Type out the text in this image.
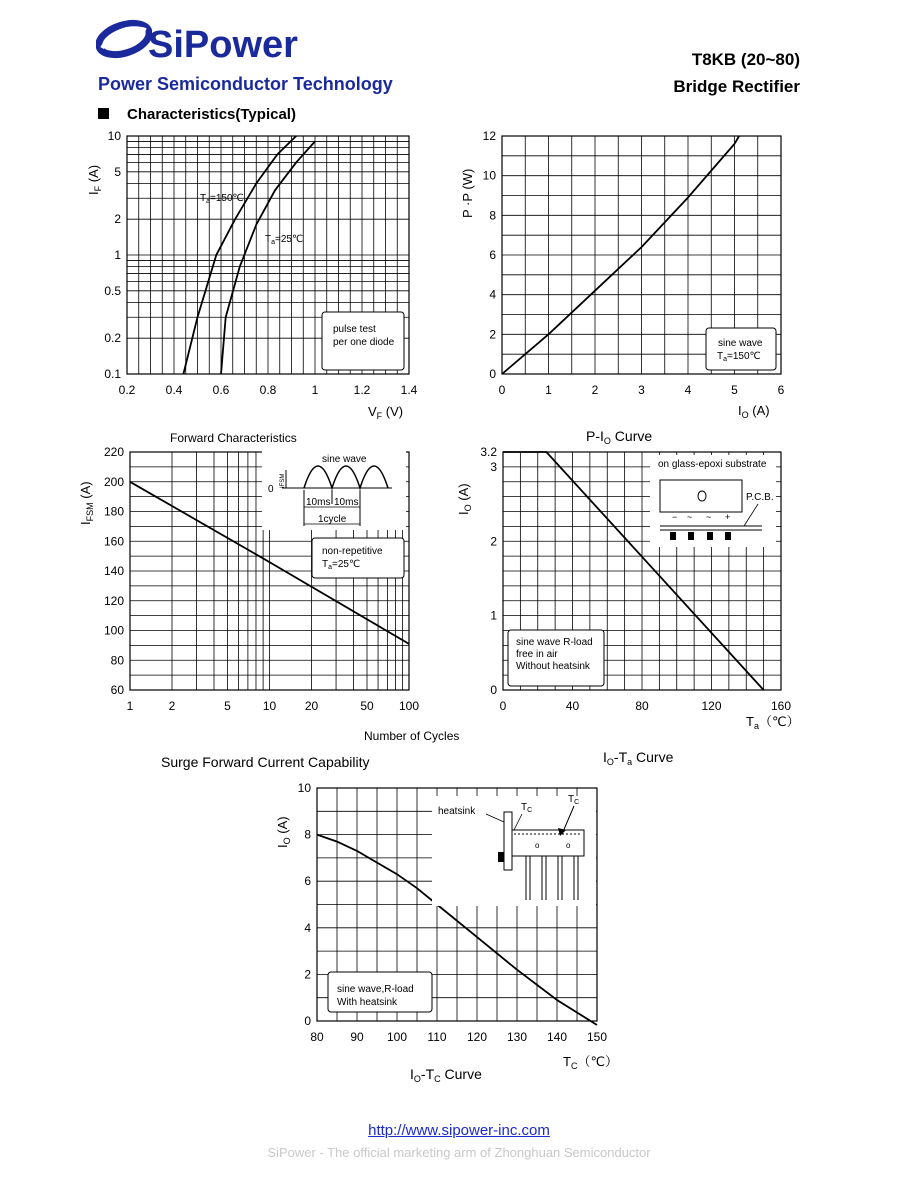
SiPower
Power Semiconductor Technology
T8KB (20~80)
Bridge Rectifier
Characteristics(Typical)
0.2	0.4	0.6	0.8	1	1.2	1.4
10
5
2
1
0.5
0.2
0.1
0	1	2	3	4	5	6
0
2
4
6
8
10
12
1	2	5	10 20	50 100
220
200
180
160
140
120
100
80
60
0	40	80	120	160
3.2
3
2
1
0
80 90 100 110 120 130 140 150
10
8
6
4
2
0
$I_F$ (A)
$V_F$ (V)
Forward Characteristics
P ·P (W)
$I_O$ (A)
$P-I_O$ Curve
$I_{FSM}$ (A)
Number of Cycles
Surge Forward Current Capability
$I_O$ (A)
$T_a(℃)$
$I_O-T_a$ Curve
$I_O$ (A)
$T_C(℃)$
$I_O-T_C$ Curve
pulse test
per one diode
$T_a=150℃$
$T_a=25℃$
sine wave
$T_a=150℃$
sine wave
0
IFSM
10ms 10ms
1cycle
non-repetitive
$T_a=25℃$
on glass-epoxi substrate
− ~ ~ +
P.C.B.
sine wave R-load
free in air
Without heatsink
heatsink	$T_C$
$T_C$
o	o
sine wave,R-load
With heatsink
http://www.sipower-inc.com
SiPower - The official marketing arm of Zhonghuan Semiconductor
